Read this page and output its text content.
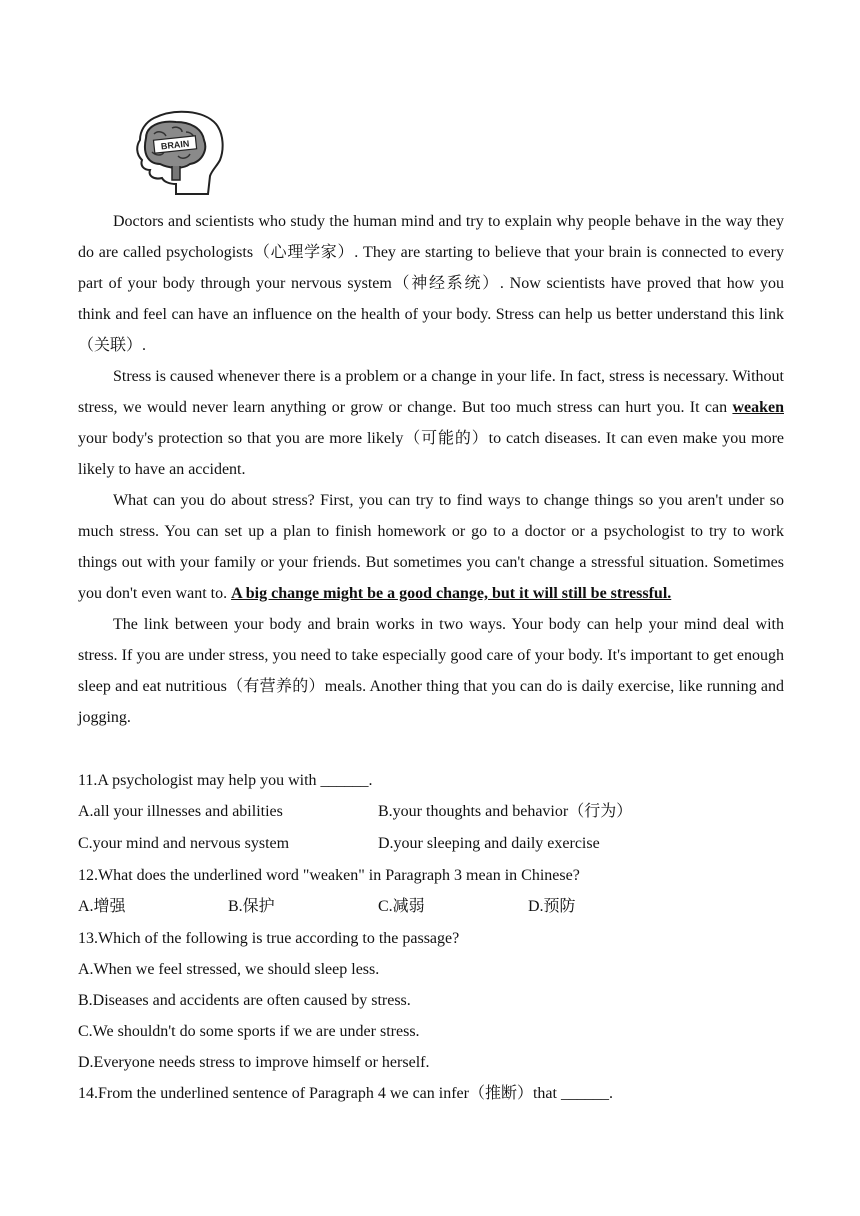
BRAIN

Doctors and scientists who study the human mind and try to explain why people behave in the way they do are called psychologists（心理学家）. They are starting to believe that your brain is connected to every part of your body through your nervous system（神经系统）. Now scientists have proved that how you think and feel can have an influence on the health of your body. Stress can help us better understand this link（关联）.

Stress is caused whenever there is a problem or a change in your life. In fact, stress is necessary. Without stress, we would never learn anything or grow or change. But too much stress can hurt you. It can weaken your body's protection so that you are more likely（可能的）to catch diseases. It can even make you more likely to have an accident.

What can you do about stress? First, you can try to find ways to change things so you aren't under so much stress. You can set up a plan to finish homework or go to a doctor or a psychologist to try to work things out with your family or your friends. But sometimes you can't change a stressful situation. Sometimes you don't even want to. A big change might be a good change, but it will still be stressful.

The link between your body and brain works in two ways. Your body can help your mind deal with stress. If you are under stress, you need to take especially good care of your body. It's important to get enough sleep and eat nutritious（有营养的）meals. Another thing that you can do is daily exercise, like running and jogging.

11.A psychologist may help you with ______.

A.all your illnesses and abilities	B.your thoughts and behavior（行为）
C.your mind and nervous system	D.your sleeping and daily exercise

12.What does the underlined word "weaken" in Paragraph 3 mean in Chinese?

A.增强	B.保护	C.减弱	D.预防

13.Which of the following is true according to the passage?

A.When we feel stressed, we should sleep less.

B.Diseases and accidents are often caused by stress.

C.We shouldn't do some sports if we are under stress.

D.Everyone needs stress to improve himself or herself.

14.From the underlined sentence of Paragraph 4 we can infer（推断）that ______.
